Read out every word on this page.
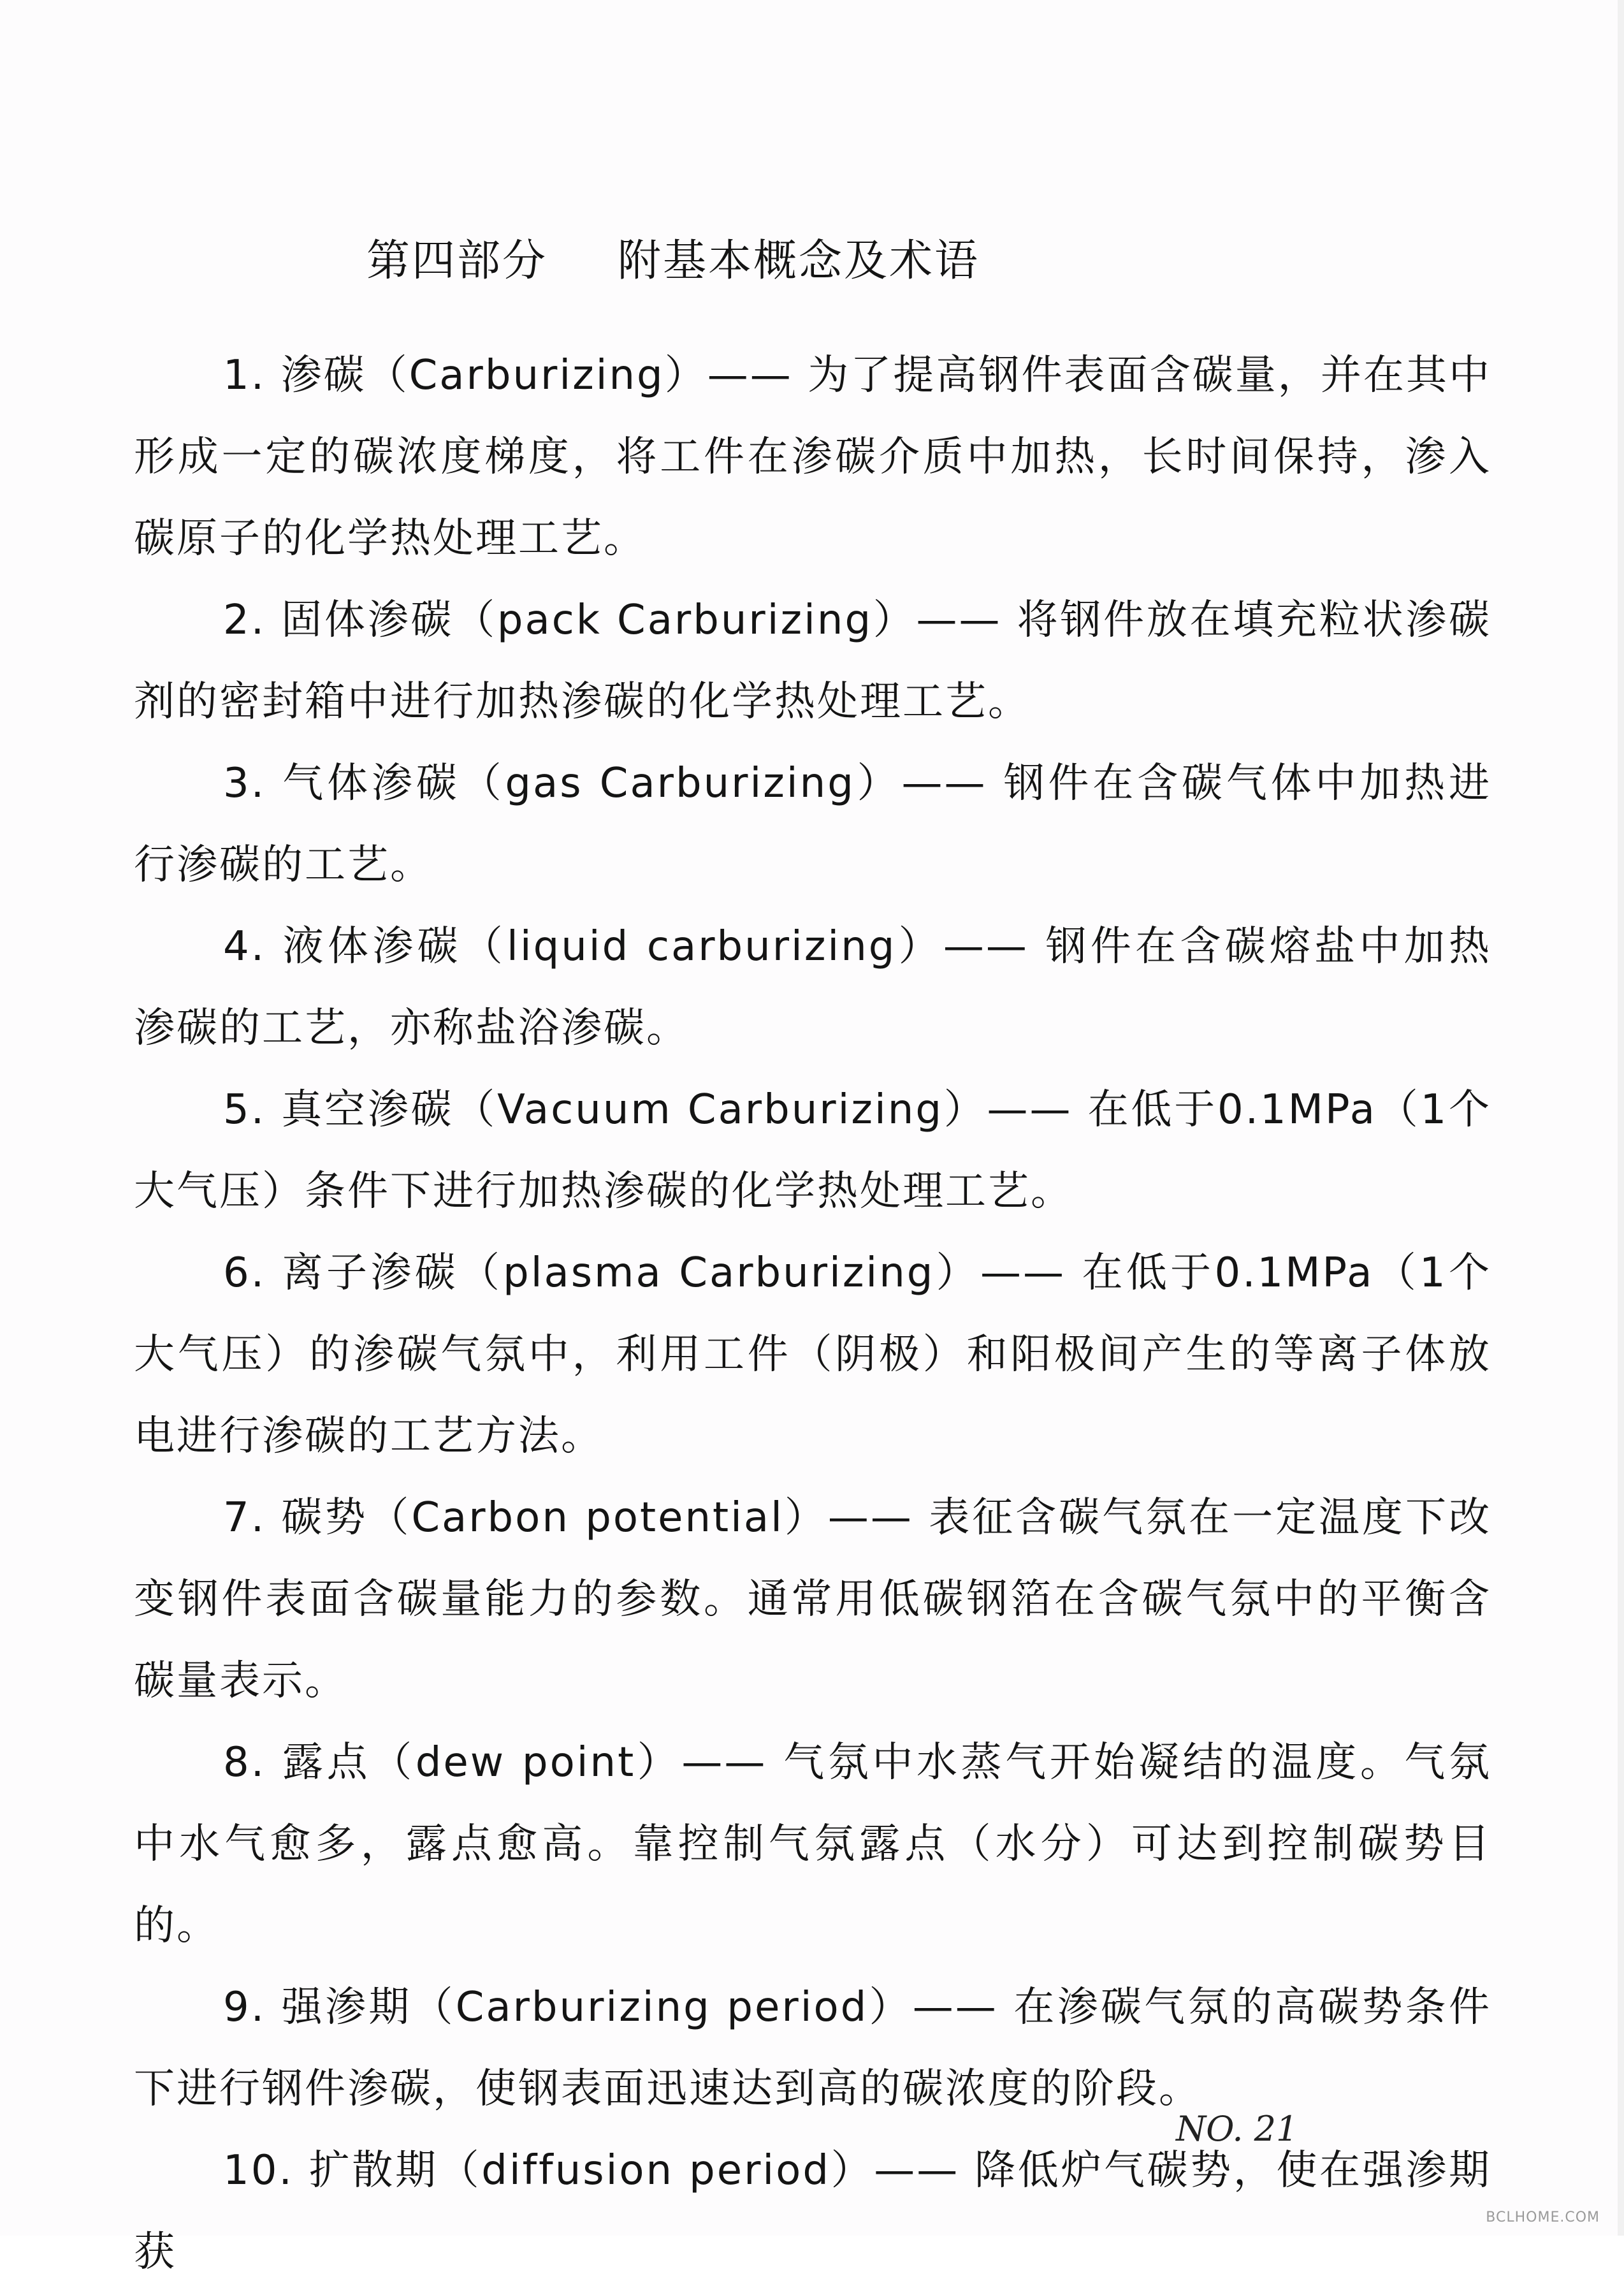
第四部分 附基本概念及术语

1. 渗碳（Carburizing）—— 为了提高钢件表面含碳量，并在其中形成一定的碳浓度梯度，将工件在渗碳介质中加热，长时间保持，渗入碳原子的化学热处理工艺。

2. 固体渗碳（pack Carburizing）—— 将钢件放在填充粒状渗碳剂的密封箱中进行加热渗碳的化学热处理工艺。

3. 气体渗碳（gas Carburizing）—— 钢件在含碳气体中加热进行渗碳的工艺。

4. 液体渗碳（liquid carburizing）—— 钢件在含碳熔盐中加热渗碳的工艺，亦称盐浴渗碳。

5. 真空渗碳（Vacuum Carburizing）—— 在低于0.1MPa（1个大气压）条件下进行加热渗碳的化学热处理工艺。

6. 离子渗碳（plasma Carburizing）—— 在低于0.1MPa（1个大气压）的渗碳气氛中，利用工件（阴极）和阳极间产生的等离子体放电进行渗碳的工艺方法。

7. 碳势（Carbon potential）—— 表征含碳气氛在一定温度下改变钢件表面含碳量能力的参数。通常用低碳钢箔在含碳气氛中的平衡含碳量表示。

8. 露点（dew point）—— 气氛中水蒸气开始凝结的温度。气氛中水气愈多，露点愈高。靠控制气氛露点（水分）可达到控制碳势目的。

9. 强渗期（Carburizing period）—— 在渗碳气氛的高碳势条件下进行钢件渗碳，使钢表面迅速达到高的碳浓度的阶段。

10. 扩散期（diffusion period）—— 降低炉气碳势，使在强渗期获

NO. 21
BCLHOME.COM
